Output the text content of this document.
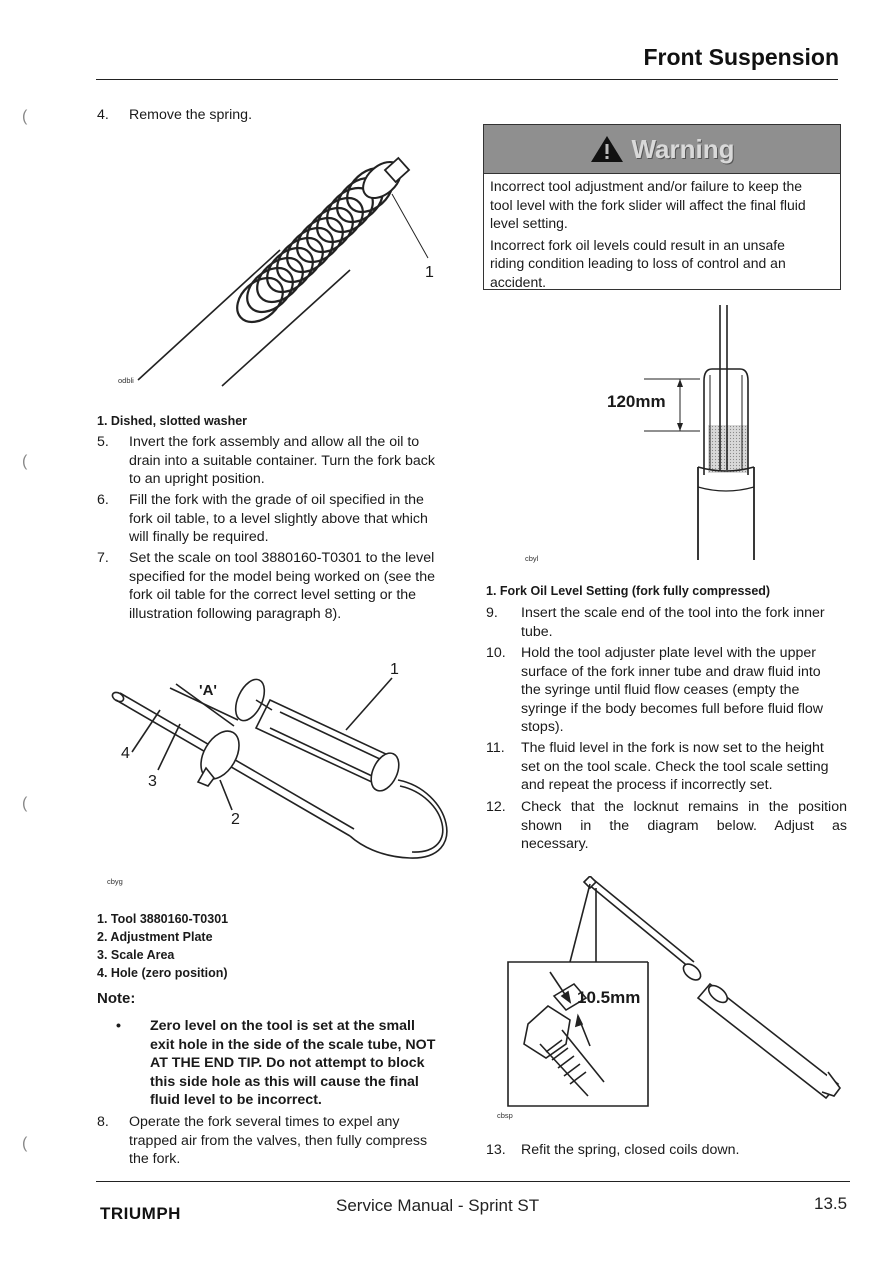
Front Suspension
(
(
(
(
4. Remove the spring.
1
odbli
1. Dished, slotted washer
5. Invert the fork assembly and allow all the oil to
drain into a suitable container. Turn the fork back
to an upright position.
6. Fill the fork with the grade of oil specified in the
fork oil table, to a level slightly above that which
will finally be required.
7. Set the scale on tool 3880160-T0301 to the level
specified for the model being worked on (see the
fork oil table for the correct level setting or the
illustration following paragraph 8).
'A'
1
2
3
4
cbyg
1. Tool 3880160-T0301
2. Adjustment Plate
3. Scale Area
4. Hole (zero position)
Note:
• Zero level on the tool is set at the small
exit hole in the side of the scale tube, NOT
AT THE END TIP. Do not attempt to block
this side hole as this will cause the final
fluid level to be incorrect.
8. Operate the fork several times to expel any
trapped air from the valves, then fully compress
the fork.
Warning

Incorrect tool adjustment and/or failure to keep the
tool level with the fork slider will affect the final fluid
level setting.

Incorrect fork oil levels could result in an unsafe
riding condition leading to loss of control and an
accident.

120mm
cbyl
1. Fork Oil Level Setting (fork fully compressed)
9. Insert the scale end of the tool into the fork inner
tube.
10. Hold the tool adjuster plate level with the upper
surface of the fork inner tube and draw fluid into
the syringe until fluid flow ceases (empty the
syringe if the body becomes full before fluid flow
stops).
11. The fluid level in the fork is now set to the height
set on the tool scale. Check the tool scale setting
and repeat the process if incorrectly set.
12. Check that the locknut remains in the position
shown in the diagram below. Adjust as
necessary.
10.5mm
cbsp
13. Refit the spring, closed coils down.
TRIUMPH	Service Manual - Sprint ST	13.5
